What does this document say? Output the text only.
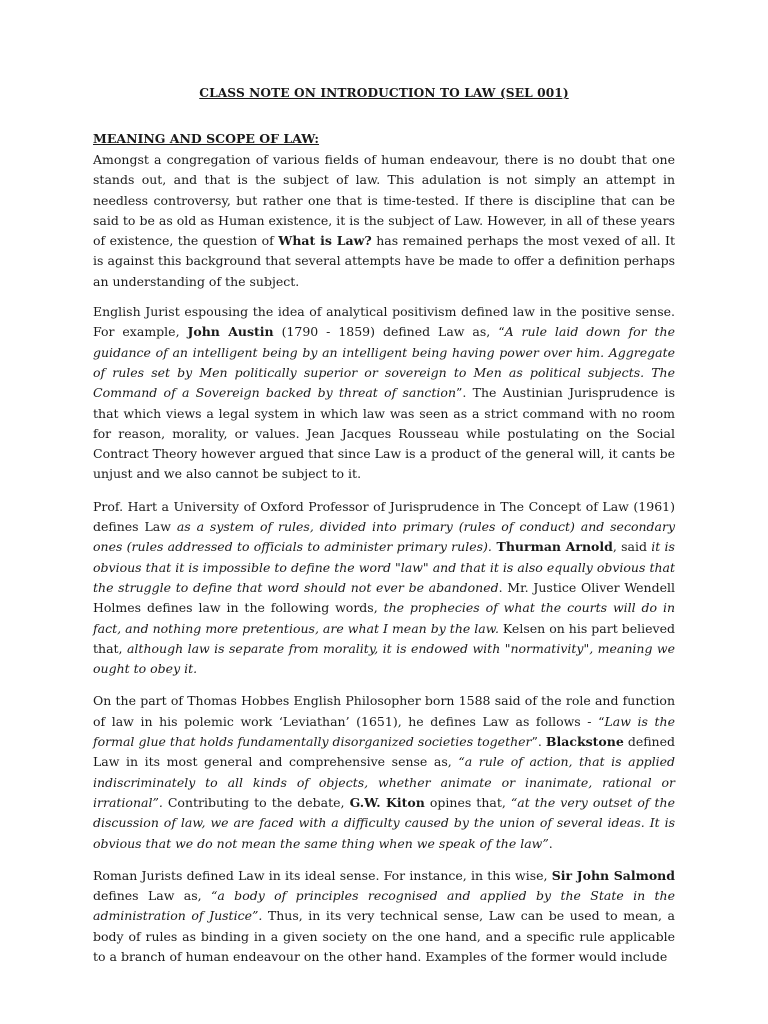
CLASS NOTE ON INTRODUCTION TO LAW (SEL 001)
MEANING AND SCOPE OF LAW:

Amongst a congregation of various fields of human endeavour, there is no doubt that one stands out, and that is the subject of law. This adulation is not simply an attempt in needless controversy, but rather one that is time-tested. If there is discipline that can be said to be as old as Human existence, it is the subject of Law. However, in all of these years of existence, the question of What is Law? has remained perhaps the most vexed of all. It is against this background that several attempts have be made to offer a definition perhaps an understanding of the subject.

English Jurist espousing the idea of analytical positivism defined law in the positive sense. For example, John Austin (1790 - 1859) defined Law as, “A rule laid down for the guidance of an intelligent being by an intelligent being having power over him. Aggregate of rules set by Men politically superior or sovereign to Men as political subjects. The Command of a Sovereign backed by threat of sanction”. The Austinian Jurisprudence is that which views a legal system in which law was seen as a strict command with no room for reason, morality, or values. Jean Jacques Rousseau while postulating on the Social Contract Theory however argued that since Law is a product of the general will, it cants be unjust and we also cannot be subject to it.

Prof. Hart a University of Oxford Professor of Jurisprudence in The Concept of Law (1961) defines Law as a system of rules, divided into primary (rules of conduct) and secondary ones (rules addressed to officials to administer primary rules). Thurman Arnold, said it is obvious that it is impossible to define the word "law" and that it is also equally obvious that the struggle to define that word should not ever be abandoned. Mr. Justice Oliver Wendell Holmes defines law in the following words, the prophecies of what the courts will do in fact, and nothing more pretentious, are what I mean by the law. Kelsen on his part believed that, although law is separate from morality, it is endowed with "normativity", meaning we ought to obey it.

On the part of Thomas Hobbes English Philosopher born 1588 said of the role and function of law in his polemic work ‘Leviathan’ (1651), he defines Law as follows - “Law is the formal glue that holds fundamentally disorganized societies together”. Blackstone defined Law in its most general and comprehensive sense as, “a rule of action, that is applied indiscriminately to all kinds of objects, whether animate or inanimate, rational or irrational”. Contributing to the debate, G.W. Kiton opines that, “at the very outset of the discussion of law, we are faced with a difficulty caused by the union of several ideas. It is obvious that we do not mean the same thing when we speak of the law”.

Roman Jurists defined Law in its ideal sense. For instance, in this wise, Sir John Salmond defines Law as, “a body of principles recognised and applied by the State in the administration of Justice”. Thus, in its very technical sense, Law can be used to mean, a body of rules as binding in a given society on the one hand, and a specific rule applicable to a branch of human endeavour on the other hand. Examples of the former would include
